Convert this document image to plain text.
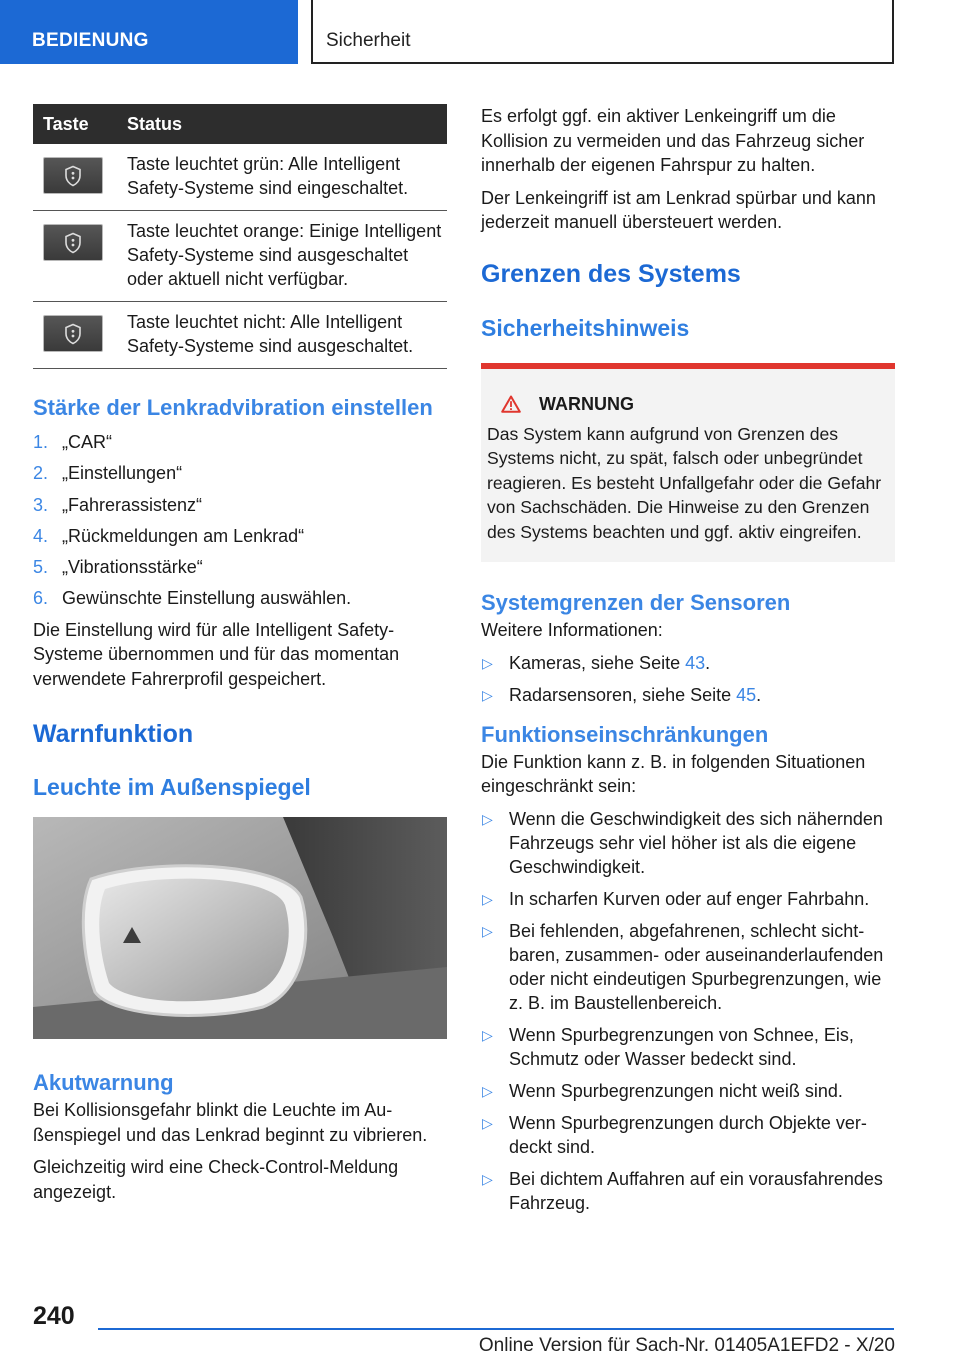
BEDIENUNG	Sicherheit
Taste	Status

	Taste leuchtet grün: Alle Intelligent Safety-Systeme sind eingeschaltet.

	Taste leuchtet orange: Einige Intelligent Safety-Systeme sind ausgeschaltet oder aktuell nicht verfügbar.

	Taste leuchtet nicht: Alle Intelligent Safety-Systeme sind ausgeschaltet.
Stärke der Lenkradvibration einstellen
1. „CAR“
2. „Einstellungen“
3. „Fahrerassistenz“
4. „Rückmeldungen am Lenkrad“
5. „Vibrationsstärke“
6. Gewünschte Einstellung auswählen.

Die Einstellung wird für alle Intelligent Safety-Systeme übernommen und für das momentan verwendete Fahrerprofil gespeichert.

Warnfunktion
Leuchte im Außenspiegel
Akutwarnung

Bei Kollisionsgefahr blinkt die Leuchte im Außenspiegel und das Lenkrad beginnt zu vibrieren.

Gleichzeitig wird eine Check-Control-Meldung angezeigt.

Es erfolgt ggf. ein aktiver Lenkeingriff um die Kollision zu vermeiden und das Fahrzeug sicher innerhalb der eigenen Fahrspur zu halten.

Der Lenkeingriff ist am Lenkrad spürbar und kann jederzeit manuell übersteuert werden.

Grenzen des Systems
Sicherheitshinweis
WARNUNG

Das System kann aufgrund von Grenzen des Systems nicht, zu spät, falsch oder unbegründet reagieren. Es besteht Unfallgefahr oder die Gefahr von Sachschäden. Die Hinweise zu den Grenzen des Systems beachten und ggf. aktiv eingreifen.

Systemgrenzen der Sensoren

Weitere Informationen:

▷ Kameras, siehe Seite 43.
▷ Radarsensoren, siehe Seite 45.
Funktionseinschränkungen

Die Funktion kann z. B. in folgenden Situationen eingeschränkt sein:

▷ Wenn die Geschwindigkeit des sich nähernden Fahrzeugs sehr viel höher ist als die eigene Geschwindigkeit.
▷ In scharfen Kurven oder auf enger Fahrbahn.
▷ Bei fehlenden, abgefahrenen, schlecht sichtbaren, zusammen- oder auseinanderlaufenden oder nicht eindeutigen Spurbegrenzungen, wie z. B. im Baustellenbereich.
▷ Wenn Spurbegrenzungen von Schnee, Eis, Schmutz oder Wasser bedeckt sind.
▷ Wenn Spurbegrenzungen nicht weiß sind.
▷ Wenn Spurbegrenzungen durch Objekte verdeckt sind.
▷ Bei dichtem Auffahren auf ein vorausfahrendes Fahrzeug.
240
Online Version für Sach-Nr. 01405A1EFD2 - X/20
